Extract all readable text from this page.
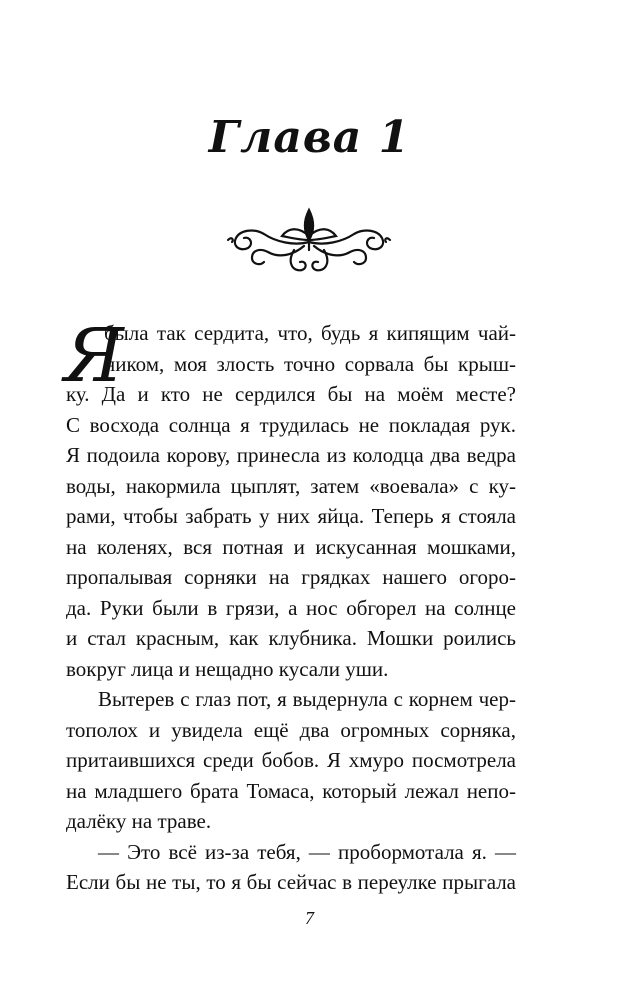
Глава 1
Я
была так сердита, что, будь я кипящим чай-
ником, моя злость точно сорвала бы крыш-
ку. Да и кто не сердился бы на моём месте?
С восхода солнца я трудилась не покладая рук.
Я подоила корову, принесла из колодца два ведра
воды, накормила цыплят, затем «воевала» с ку-
рами, чтобы забрать у них яйца. Теперь я стояла
на коленях, вся потная и искусанная мошками,
пропалывая сорняки на грядках нашего огоро-
да. Руки были в грязи, а нос обгорел на солнце
и стал красным, как клубника. Мошки роились
вокруг лица и нещадно кусали уши.
Вытерев с глаз пот, я выдернула с корнем чер-
тополох и увидела ещё два огромных сорняка,
притаившихся среди бобов. Я хмуро посмотрела
на младшего брата Томаса, который лежал непо-
далёку на траве.
— Это всё из-за тебя, — пробормотала я. —
Если бы не ты, то я бы сейчас в переулке прыгала
7
